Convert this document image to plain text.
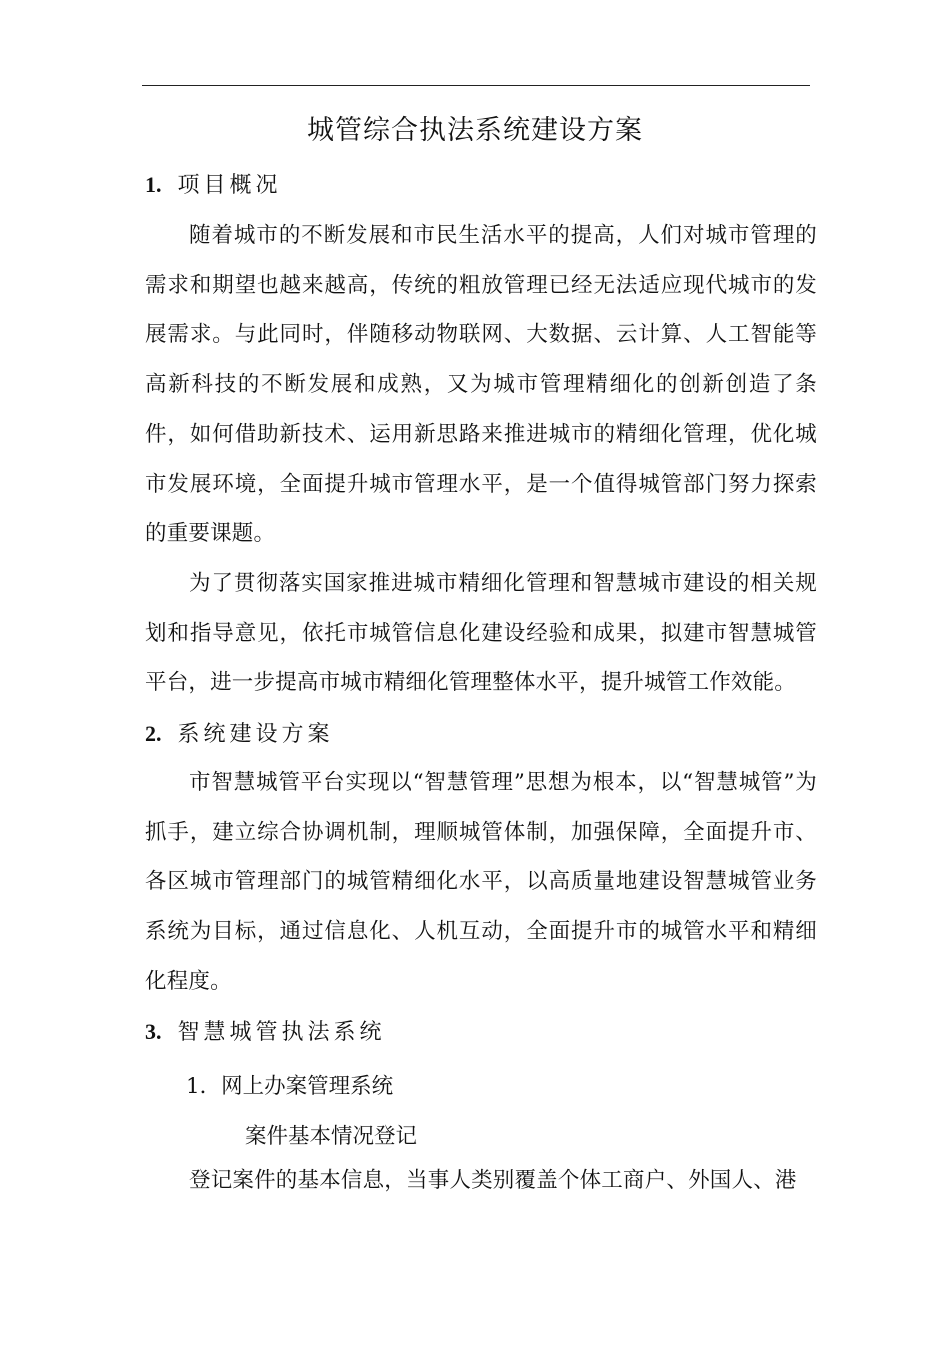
城管综合执法系统建设方案
1. 项目概况
随着城市的不断发展和市民生活水平的提高，人们对城市管理的需求和期望也越来越高，传统的粗放管理已经无法适应现代城市的发展需求。与此同时，伴随移动物联网、大数据、云计算、人工智能等高新科技的不断发展和成熟，又为城市管理精细化的创新创造了条件，如何借助新技术、运用新思路来推进城市的精细化管理，优化城市发展环境，全面提升城市管理水平，是一个值得城管部门努力探索的重要课题。
为了贯彻落实国家推进城市精细化管理和智慧城市建设的相关规划和指导意见，依托市城管信息化建设经验和成果，拟建市智慧城管平台，进一步提高市城市精细化管理整体水平，提升城管工作效能。
2. 系统建设方案
市智慧城管平台实现以“智慧管理”思想为根本，以“智慧城管”为抓手，建立综合协调机制，理顺城管体制，加强保障，全面提升市、各区城市管理部门的城管精细化水平，以高质量地建设智慧城管业务系统为目标，通过信息化、人机互动，全面提升市的城管水平和精细化程度。
3. 智慧城管执法系统
1．网上办案管理系统
案件基本情况登记
登记案件的基本信息，当事人类别覆盖个体工商户、外国人、港
